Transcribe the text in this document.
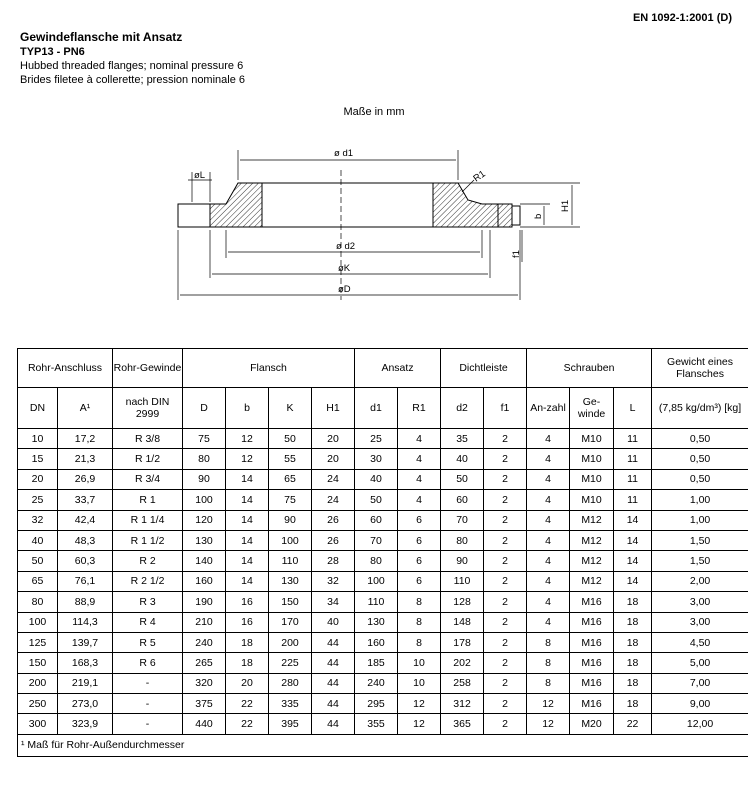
EN 1092-1:2001 (D)
Gewindeflansche mit Ansatz
TYP13 - PN6
Hubbed threaded flanges; nominal pressure 6
Brides filetee à collerette; pression nominale 6
Maße in mm
ø d1
R1
øL
ø d2
øK
øD
H1
b
f1
Rohr-Anschluss		Rohr-Gewinde	Flansch				Ansatz		Dichtleiste		Schrauben			Gewicht eines Flansches
DN	A¹	nach DIN 2999	D	b	K	H1	d1	R1	d2	f1	An-zahl	Ge-winde	L	(7,85 kg/dm³) [kg]
10	17,2	R 3/8	75	12	50	20	25	4	35	2	4	M10	11	0,50
15	21,3	R 1/2	80	12	55	20	30	4	40	2	4	M10	11	0,50
20	26,9	R 3/4	90	14	65	24	40	4	50	2	4	M10	11	0,50
25	33,7	R 1	100	14	75	24	50	4	60	2	4	M10	11	1,00
32	42,4	R 1 1/4	120	14	90	26	60	6	70	2	4	M12	14	1,00
40	48,3	R 1 1/2	130	14	100	26	70	6	80	2	4	M12	14	1,50
50	60,3	R 2	140	14	110	28	80	6	90	2	4	M12	14	1,50
65	76,1	R 2 1/2	160	14	130	32	100	6	110	2	4	M12	14	2,00
80	88,9	R 3	190	16	150	34	110	8	128	2	4	M16	18	3,00
100	114,3	R 4	210	16	170	40	130	8	148	2	4	M16	18	3,00
125	139,7	R 5	240	18	200	44	160	8	178	2	8	M16	18	4,50
150	168,3	R 6	265	18	225	44	185	10	202	2	8	M16	18	5,00
200	219,1	-	320	20	280	44	240	10	258	2	8	M16	18	7,00
250	273,0	-	375	22	335	44	295	12	312	2	12	M16	18	9,00
300	323,9	-	440	22	395	44	355	12	365	2	12	M20	22	12,00
¹ Maß für Rohr-Außendurchmesser														
